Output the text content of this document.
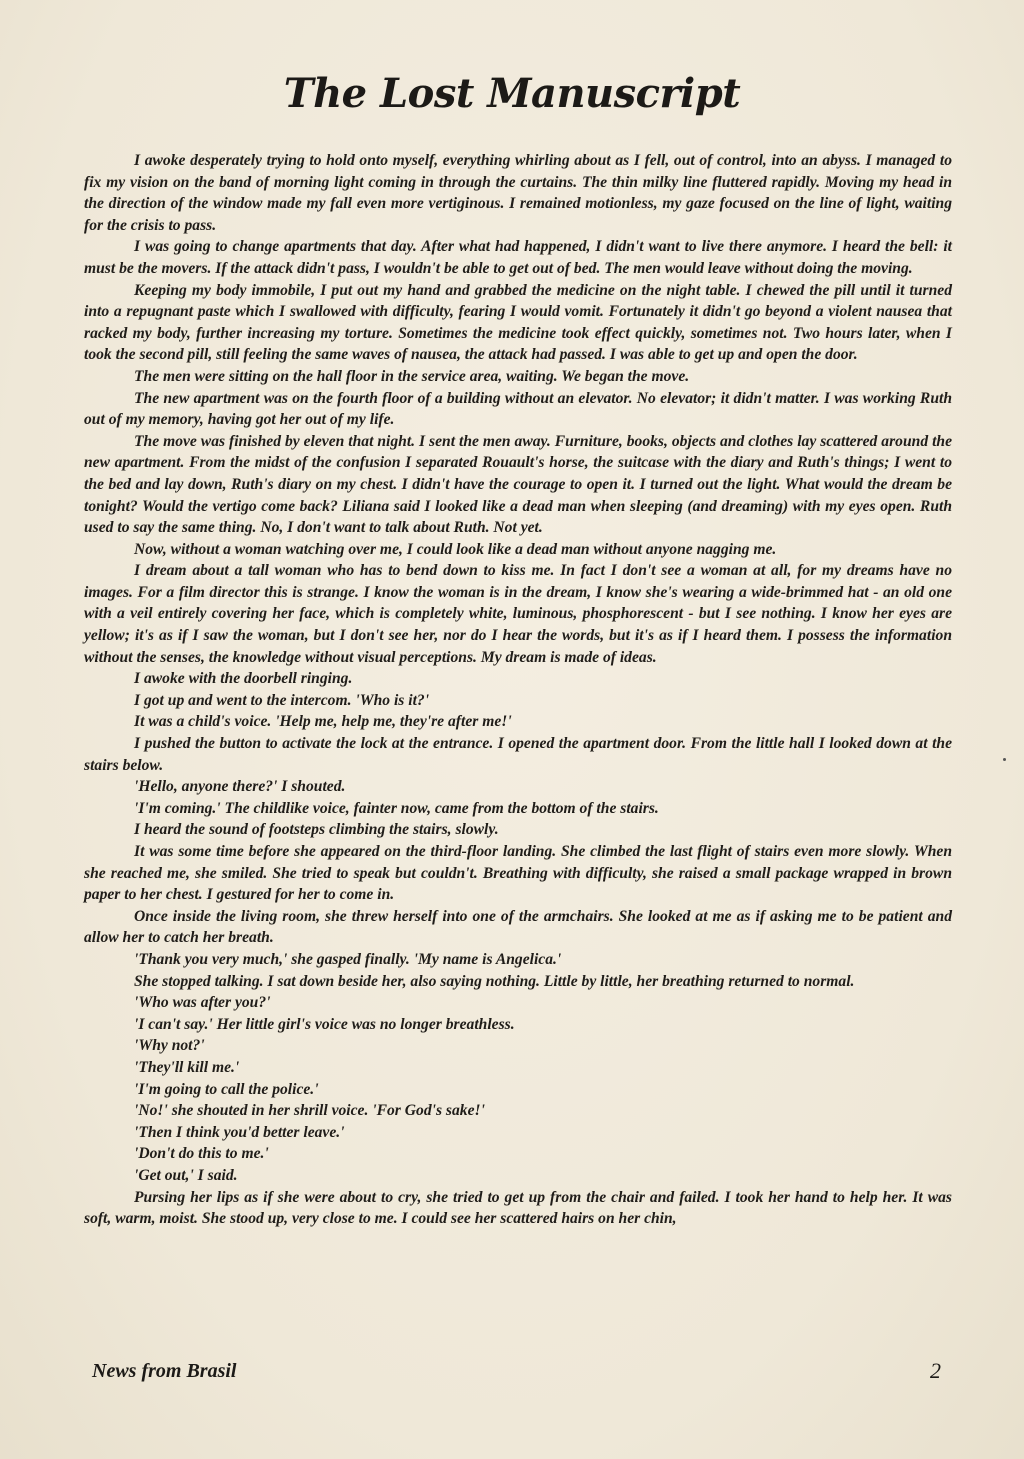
The Lost Manuscript

I awoke desperately trying to hold onto myself, everything whirling about as I fell, out of control, into an abyss. I managed to fix my vision on the band of morning light coming in through the curtains. The thin milky line fluttered rapidly. Moving my head in the direction of the window made my fall even more vertiginous. I remained motionless, my gaze focused on the line of light, waiting for the crisis to pass.

I was going to change apartments that day. After what had happened, I didn't want to live there anymore. I heard the bell: it must be the movers. If the attack didn't pass, I wouldn't be able to get out of bed. The men would leave without doing the moving.

Keeping my body immobile, I put out my hand and grabbed the medicine on the night table. I chewed the pill until it turned into a repugnant paste which I swallowed with difficulty, fearing I would vomit. Fortunately it didn't go beyond a violent nausea that racked my body, further increasing my torture. Sometimes the medicine took effect quickly, sometimes not. Two hours later, when I took the second pill, still feeling the same waves of nausea, the attack had passed. I was able to get up and open the door.

The men were sitting on the hall floor in the service area, waiting. We began the move.

The new apartment was on the fourth floor of a building without an elevator. No elevator; it didn't matter. I was working Ruth out of my memory, having got her out of my life.

The move was finished by eleven that night. I sent the men away. Furniture, books, objects and clothes lay scattered around the new apartment. From the midst of the confusion I separated Rouault's horse, the suitcase with the diary and Ruth's things; I went to the bed and lay down, Ruth's diary on my chest. I didn't have the courage to open it. I turned out the light. What would the dream be tonight? Would the vertigo come back? Liliana said I looked like a dead man when sleeping (and dreaming) with my eyes open. Ruth used to say the same thing. No, I don't want to talk about Ruth. Not yet.

Now, without a woman watching over me, I could look like a dead man without anyone nagging me.

I dream about a tall woman who has to bend down to kiss me. In fact I don't see a woman at all, for my dreams have no images. For a film director this is strange. I know the woman is in the dream, I know she's wearing a wide-brimmed hat - an old one with a veil entirely covering her face, which is completely white, luminous, phosphorescent - but I see nothing. I know her eyes are yellow; it's as if I saw the woman, but I don't see her, nor do I hear the words, but it's as if I heard them. I possess the information without the senses, the knowledge without visual perceptions. My dream is made of ideas.

I awoke with the doorbell ringing.

I got up and went to the intercom. 'Who is it?'

It was a child's voice. 'Help me, help me, they're after me!'

I pushed the button to activate the lock at the entrance. I opened the apartment door. From the little hall I looked down at the stairs below.

'Hello, anyone there?' I shouted.

'I'm coming.' The childlike voice, fainter now, came from the bottom of the stairs.

I heard the sound of footsteps climbing the stairs, slowly.

It was some time before she appeared on the third-floor landing. She climbed the last flight of stairs even more slowly. When she reached me, she smiled. She tried to speak but couldn't. Breathing with difficulty, she raised a small package wrapped in brown paper to her chest. I gestured for her to come in.

Once inside the living room, she threw herself into one of the armchairs. She looked at me as if asking me to be patient and allow her to catch her breath.

'Thank you very much,' she gasped finally. 'My name is Angelica.'

She stopped talking. I sat down beside her, also saying nothing. Little by little, her breathing returned to normal.

'Who was after you?'

'I can't say.' Her little girl's voice was no longer breathless.

'Why not?'

'They'll kill me.'

'I'm going to call the police.'

'No!' she shouted in her shrill voice. 'For God's sake!'

'Then I think you'd better leave.'

'Don't do this to me.'

'Get out,' I said.

Pursing her lips as if she were about to cry, she tried to get up from the chair and failed. I took her hand to help her. It was soft, warm, moist. She stood up, very close to me. I could see her scattered hairs on her chin,

News from Brasil	2
